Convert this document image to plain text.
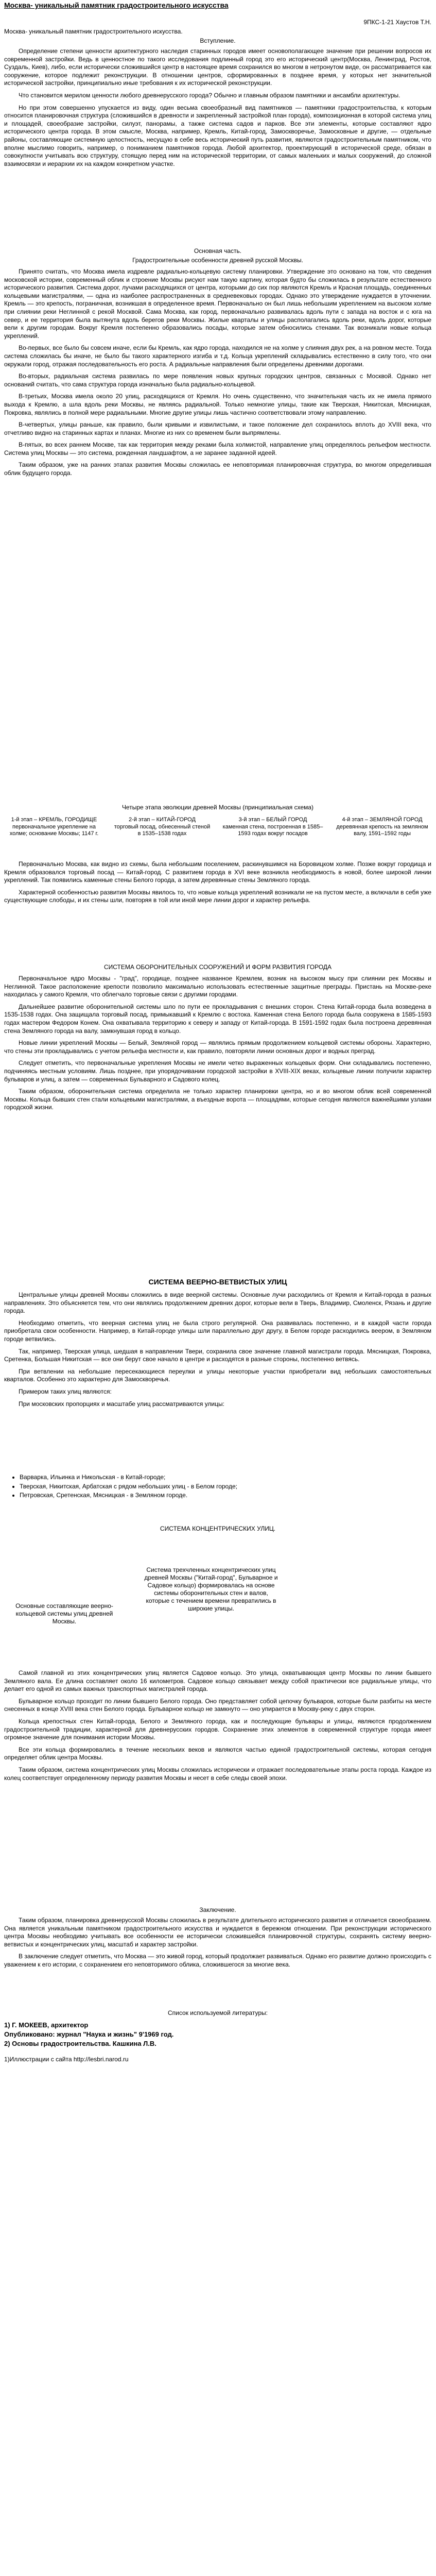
Москва- уникальный памятник градостроительного искусства
9ПКС-1-21 Хаустов Т.Н.
Москва- уникальный памятник градостроительного искусства.
Вступление.

Определение степени ценности архитектурного наследия старинных городов имеет основополагающее значение при решении вопросов их современной застройки. Ведь в ценностное по такого исследования подлинный город это его исторический центр(Москва, Ленинград, Ростов, Суздаль, Киев), либо, если исторически сложившийся центр в настоящее время сохранился во многом в нетронутом виде, он рассматривается как сооружение, которое подлежит реконструкции. В отношении центров, сформированных в позднее время, у которых нет значительной исторической застройки, принципиально иные требования к их исторической реконструкции.

Что становится мерилом ценности любого древнерусского города? Обычно и главным образом памятники и ансамбли архитектуры.

Но при этом совершенно упускается из виду, один весьма своеобразный вид памятников — памятники градостроительства, к которым относится планировочная структура (сложившийся в древности и закрепленный застройкой план города), композиционная в которой система улиц и площадей, своеобразие застройки, силуэт, панорамы, а также система садов и парков. Все эти элементы, которые составляют ядро исторического центра города. В этом смысле, Москва, например, Кремль, Китай-город, Замоскворечье, Замосковные и другие, — отдельные районы, составляющие системную целостность, несущую в себе весь исторический путь развития, являются градостроительным памятником, что вполне мыслимо говорить, например, о пониманием памятников города. Любой архитектор, проектирующий в исторической среде, обязан в совокупности учитывать всю структуру, стоящую перед ним на исторической территории, от самых маленьких и малых сооружений, до сложной взаимосвязи и иерархии их на каждом конкретном участке.

Основная часть.
Градостроительные особенности древней русской Москвы.

Принято считать, что Москва имела издревле радиально-кольцевую систему планировки. Утверждение это основано на том, что сведения московской истории, современный облик и строение Москвы рисуют нам такую картину, которая будто бы сложилась в результате естественного исторического развития. Система дорог, лучами расходящихся от центра, которыми до сих пор являются Кремль и Красная площадь, соединенных кольцевыми магистралями, — одна из наиболее распространенных в средневековых городах. Однако это утверждение нуждается в уточнении. Кремль — это крепость, пограничная, возникшая в определенное время. Первоначально он был лишь небольшим укреплением на высоком холме при слиянии реки Неглинной с рекой Москвой. Сама Москва, как город, первоначально развивалась вдоль пути с запада на восток и с юга на север, и ее территория была вытянута вдоль берегов реки Москвы. Жилые кварталы и улицы располагались вдоль реки, вдоль дорог, которые вели к другим городам. Вокруг Кремля постепенно образовались посады, которые затем обносились стенами. Так возникали новые кольца укреплений.

Во-первых, все было бы совсем иначе, если бы Кремль, как ядро города, находился не на холме у слияния двух рек, а на ровном месте. Тогда система сложилась бы иначе, не было бы такого характерного изгиба и т.д. Кольца укреплений складывались естественно в силу того, что они окружали город, отражая последовательность его роста. А радиальные направления были определены древними дорогами.

Во-вторых, радиальная система развилась по мере появления новых крупных городских центров, связанных с Москвой. Однако нет оснований считать, что сама структура города изначально была радиально-кольцевой.

В-третьих, Москва имела около 20 улиц, расходящихся от Кремля. Но очень существенно, что значительная часть их не имела прямого выхода к Кремлю, а шла вдоль реки Москвы, не являясь радиальной. Только немногие улицы, такие как Тверская, Никитская, Мясницкая, Покровка, являлись в полной мере радиальными. Многие другие улицы лишь частично соответствовали этому направлению.

В-четвертых, улицы раньше, как правило, были кривыми и извилистыми, и такое положение дел сохранилось вплоть до XVIII века, что отчетливо видно на старинных картах и планах. Многие из них со временем были выпрямлены.

В-пятых, во всех раннем Москве, так как территория между реками была холмистой, направление улиц определялось рельефом местности. Система улиц Москвы — это система, рожденная ландшафтом, а не заранее заданной идеей.

Таким образом, уже на ранних этапах развития Москвы сложилась ее неповторимая планировочная структура, во многом определившая облик будущего города.

Четыре этапа эволюции древней Москвы (принципиальная схема)
1-й этап – КРЕМЛЬ, ГОРОДИЩЕ
первоначальное укрепление на холме; основание Москвы; 1147 г.
2-й этап – КИТАЙ-ГОРОД
торговый посад, обнесенный стеной в 1535–1538 годах
3-й этап – БЕЛЫЙ ГОРОД
каменная стена, построенная в 1585–1593 годах вокруг посадов
4-й этап – ЗЕМЛЯНОЙ ГОРОД
деревянная крепость на земляном валу, 1591–1592 годы

Первоначально Москва, как видно из схемы, была небольшим поселением, раскинувшимся на Боровицком холме. Позже вокруг городища и Кремля образовался торговый посад — Китай-город. С развитием города в XVI веке возникла необходимость в новой, более широкой линии укреплений. Так появились каменные стены Белого города, а затем деревянные стены Земляного города.

Характерной особенностью развития Москвы явилось то, что новые кольца укреплений возникали не на пустом месте, а включали в себя уже существующие слободы, и их стены шли, повторяя в той или иной мере линии дорог и характер рельефа.

СИСТЕМА ОБОРОНИТЕЛЬНЫХ СООРУЖЕНИЙ И ФОРМ РАЗВИТИЯ ГОРОДА

Первоначальное ядро Москвы - "град", городище, позднее названное Кремлем, возник на высоком мысу при слиянии рек Москвы и Неглинной. Такое расположение крепости позволило максимально использовать естественные защитные преграды. Пристань на Москве-реке находилась у самого Кремля, что облегчало торговые связи с другими городами.

Дальнейшее развитие оборонительной системы шло по пути ее прокладывания с внешних сторон. Стена Китай-города была возведена в 1535-1538 годах. Она защищала торговый посад, примыкавший к Кремлю с востока. Каменная стена Белого города была сооружена в 1585-1593 годах мастером Федором Конем. Она охватывала территорию к северу и западу от Китай-города. В 1591-1592 годах была построена деревянная стена Земляного города на валу, замкнувшая город в кольцо.

Новые линии укреплений Москвы — Белый, Земляной город — являлись прямым продолжением кольцевой системы обороны. Характерно, что стены эти прокладывались с учетом рельефа местности и, как правило, повторяли линии основных дорог и водных преград.

Следует отметить, что первоначальные укрепления Москвы не имели четко выраженных кольцевых форм. Они складывались постепенно, подчиняясь местным условиям. Лишь позднее, при упорядочивании городской застройки в XVIII-XIX веках, кольцевые линии получили характер бульваров и улиц, а затем — современных Бульварного и Садового колец.

Таким образом, оборонительная система определила не только характер планировки центра, но и во многом облик всей современной Москвы. Кольца бывших стен стали кольцевыми магистралями, а въездные ворота — площадями, которые сегодня являются важнейшими узлами городской жизни.

СИСТЕМА ВЕЕРНО-ВЕТВИСТЫХ УЛИЦ

Центральные улицы древней Москвы сложились в виде веерной системы. Основные лучи расходились от Кремля и Китай-города в разных направлениях. Это объясняется тем, что они являлись продолжением древних дорог, которые вели в Тверь, Владимир, Смоленск, Рязань и другие города.

Необходимо отметить, что веерная система улиц не была строго регулярной. Она развивалась постепенно, и в каждой части города приобретала свои особенности. Например, в Китай-городе улицы шли параллельно друг другу, в Белом городе расходились веером, в Земляном городе ветвились.

Так, например, Тверская улица, шедшая в направлении Твери, сохранила свое значение главной магистрали города. Мясницкая, Покровка, Сретенка, Большая Никитская — все они берут свое начало в центре и расходятся в разные стороны, постепенно ветвясь.

При ветвлении на небольшие пересекающиеся переулки и улицы некоторые участки приобретали вид небольших самостоятельных кварталов. Особенно это характерно для Замоскворечья.

Примером таких улиц являются:

При московских пропорциях и масштабе улиц рассматриваются улицы:

• Варварка, Ильинка и Никольская - в Китай-городе;
• Тверская, Никитская, Арбатская с рядом небольших улиц - в Белом городе;
• Петровская, Сретенская, Мясницкая - в Земляном городе.
СИСТЕМА КОНЦЕНТРИЧЕСКИХ УЛИЦ.
Основные составляющие веерно-кольцевой системы улиц древней Москвы.
Система трехчленных концентрических улиц древней Москвы ("Китай-город", Бульварное и Садовое кольцо) формировалась на основе системы оборонительных стен и валов, которые с течением времени превратились в широкие улицы.

Самой главной из этих концентрических улиц является Садовое кольцо. Это улица, охватывающая центр Москвы по линии бывшего Земляного вала. Ее длина составляет около 16 километров. Садовое кольцо связывает между собой практически все радиальные улицы, что делает его одной из самых важных транспортных магистралей города.

Бульварное кольцо проходит по линии бывшего Белого города. Оно представляет собой цепочку бульваров, которые были разбиты на месте снесенных в конце XVIII века стен Белого города. Бульварное кольцо не замкнуто — оно упирается в Москву-реку с двух сторон.

Кольца крепостных стен Китай-города, Белого и Земляного города, как и последующие бульвары и улицы, являются продолжением градостроительной традиции, характерной для древнерусских городов. Сохранение этих элементов в современной структуре города имеет огромное значение для понимания истории Москвы.

Все эти кольца формировались в течение нескольких веков и являются частью единой градостроительной системы, которая сегодня определяет облик центра Москвы.

Таким образом, система концентрических улиц Москвы сложилась исторически и отражает последовательные этапы роста города. Каждое из колец соответствует определенному периоду развития Москвы и несет в себе следы своей эпохи.

Заключение.

Таким образом, планировка древнерусской Москвы сложилась в результате длительного исторического развития и отличается своеобразием. Она является уникальным памятником градостроительного искусства и нуждается в бережном отношении. При реконструкции исторического центра Москвы необходимо учитывать все особенности ее исторически сложившейся планировочной структуры, сохранять систему веерно-ветвистых и концентрических улиц, масштаб и характер застройки.

В заключение следует отметить, что Москва — это живой город, который продолжает развиваться. Однако его развитие должно происходить с уважением к его истории, с сохранением его неповторимого облика, сложившегося за многие века.

Список используемой литературы:
1) Г. МОКЕЕВ, архитектор
Опубликовано: журнал "Наука и жизнь" 9'1969 год.
2) Основы градостроительства. Кашкина Л.В.
1)Иллюстрации с сайта http://lesbri.narod.ru
